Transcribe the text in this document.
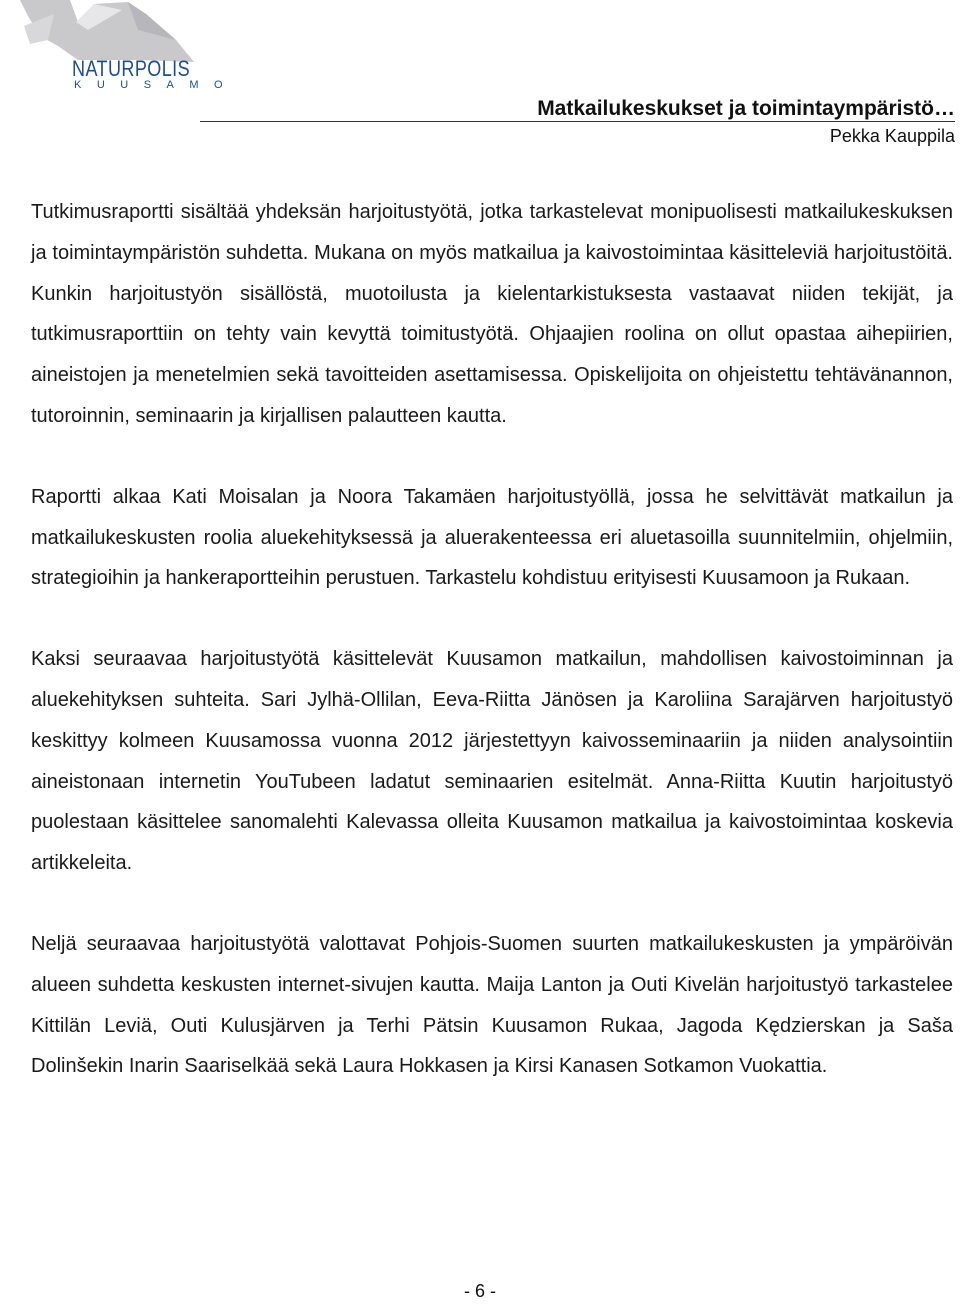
NATURPOLIS
KUUSAMO
Matkailukeskukset ja toimintaympäristö…
Pekka Kauppila

Tutkimusraportti sisältää yhdeksän harjoitustyötä, jotka tarkastelevat monipuolisesti matkailukeskuksen ja toimintaympäristön suhdetta. Mukana on myös matkailua ja kaivostoimintaa käsitteleviä harjoitustöitä. Kunkin harjoitustyön sisällöstä, muotoilusta ja kielentarkistuksesta vastaavat niiden tekijät, ja tutkimusraporttiin on tehty vain kevyttä toimitustyötä. Ohjaajien roolina on ollut opastaa aihepiirien, aineistojen ja menetelmien sekä tavoitteiden asettamisessa. Opiskelijoita on ohjeistettu tehtävänannon, tutoroinnin, seminaarin ja kirjallisen palautteen kautta.

Raportti alkaa Kati Moisalan ja Noora Takamäen harjoitustyöllä, jossa he selvittävät matkailun ja matkailukeskusten roolia aluekehityksessä ja aluerakenteessa eri aluetasoilla suunnitelmiin, ohjelmiin, strategioihin ja hankeraportteihin perustuen. Tarkastelu kohdistuu erityisesti Kuusamoon ja Rukaan.

Kaksi seuraavaa harjoitustyötä käsittelevät Kuusamon matkailun, mahdollisen kaivostoiminnan ja aluekehityksen suhteita. Sari Jylhä-Ollilan, Eeva-Riitta Jänösen ja Karoliina Sarajärven harjoitustyö keskittyy kolmeen Kuusamossa vuonna 2012 järjestettyyn kaivosseminaariin ja niiden analysointiin aineistonaan internetin YouTubeen ladatut seminaarien esitelmät. Anna-Riitta Kuutin harjoitustyö puolestaan käsittelee sanomalehti Kalevassa olleita Kuusamon matkailua ja kaivostoimintaa koskevia artikkeleita.

Neljä seuraavaa harjoitustyötä valottavat Pohjois-Suomen suurten matkailukeskusten ja ympäröivän alueen suhdetta keskusten internet-sivujen kautta. Maija Lanton ja Outi Kivelän harjoitustyö tarkastelee Kittilän Leviä, Outi Kulusjärven ja Terhi Pätsin Kuusamon Rukaa, Jagoda Kędzierskan ja Saša Dolinšekin Inarin Saariselkää sekä Laura Hokkasen ja Kirsi Kanasen Sotkamon Vuokattia.

- 6 -
